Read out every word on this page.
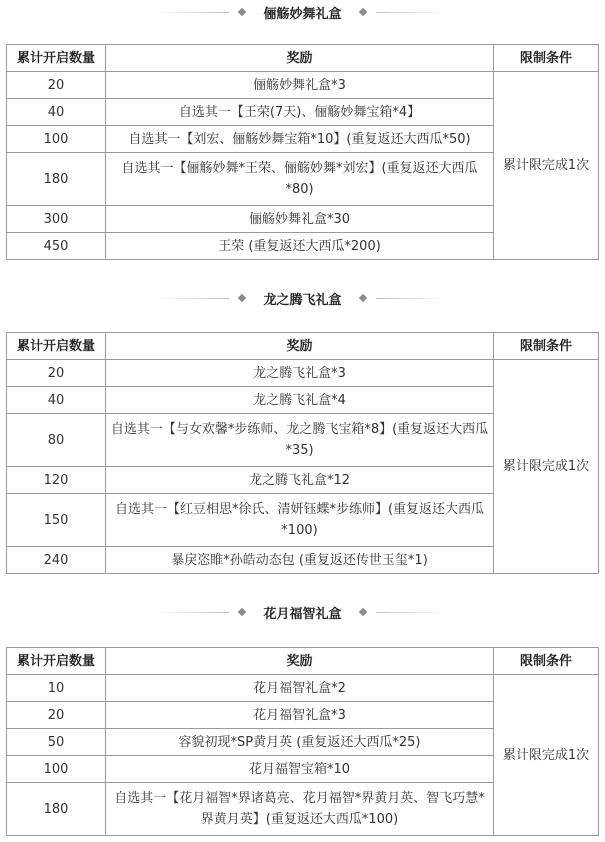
俪觞妙舞礼盒
累计开启数量	奖励	限制条件
20	俪觞妙舞礼盒*3	累计限完成1次
40	自选其一【王荣(7天)、俪觞妙舞宝箱*4】	
100	自选其一【刘宏、俪觞妙舞宝箱*10】(重复返还大西瓜*50)	
180	自选其一【俪觞妙舞*王荣、俪觞妙舞*刘宏】(重复返还大西瓜*80)	
300	俪觞妙舞礼盒*30	
450	王荣 (重复返还大西瓜*200)	
龙之腾飞礼盒
累计开启数量	奖励	限制条件
20	龙之腾飞礼盒*3	累计限完成1次
40	龙之腾飞礼盒*4	
80	自选其一【与女欢馨*步练师、龙之腾飞宝箱*8】(重复返还大西瓜*35)	
120	龙之腾飞礼盒*12	
150	自选其一【红豆相思*徐氏、清妍钰蝶*步练师】(重复返还大西瓜*100)	
240	暴戾恣睢*孙皓动态包 (重复返还传世玉玺*1)	
花月福智礼盒
累计开启数量	奖励	限制条件
10	花月福智礼盒*2	累计限完成1次
20	花月福智礼盒*3	
50	容貌初现*SP黄月英 (重复返还大西瓜*25)	
100	花月福智宝箱*10	
180	自选其一【花月福智*界诸葛亮、花月福智*界黄月英、智飞巧慧*界黄月英】(重复返还大西瓜*100)	
